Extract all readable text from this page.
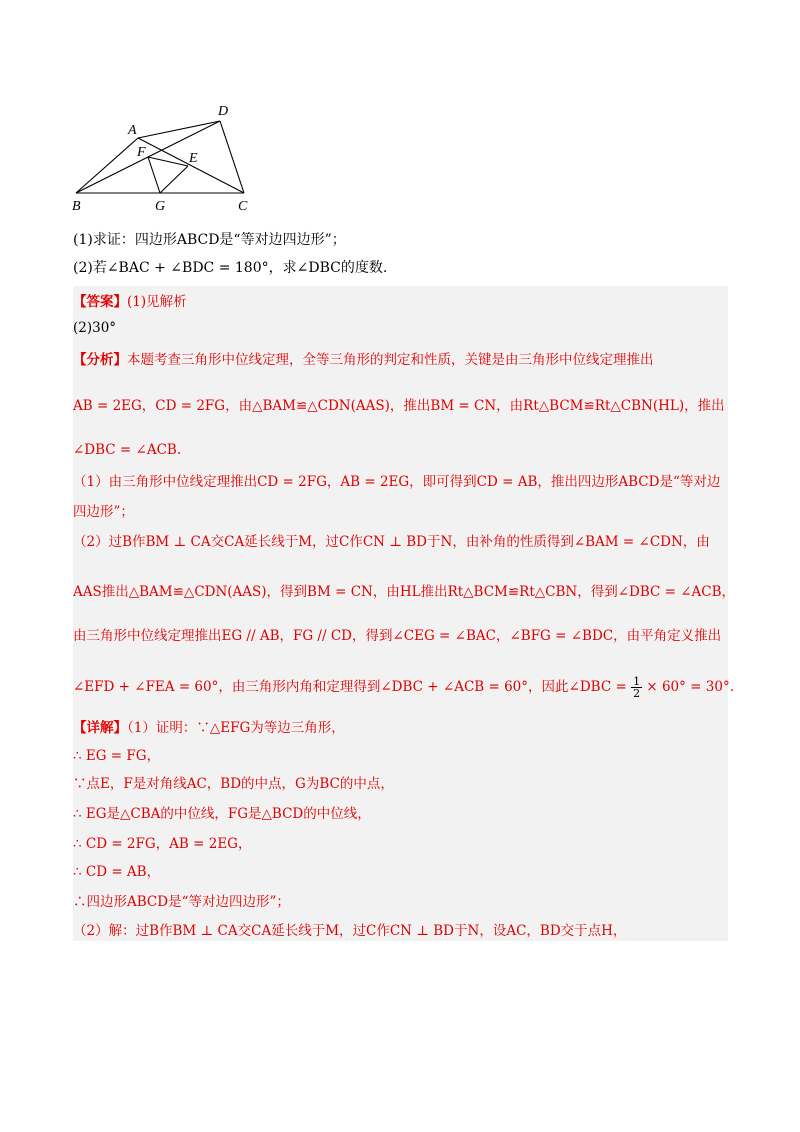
A
D
F	E
B	G	C
(1)求证：四边形ABCD是“等对边四边形”；
(2)若∠BAC + ∠BDC = 180°，求∠DBC的度数.
【答案】(1)见解析
(2)30°
【分析】本题考查三角形中位线定理，全等三角形的判定和性质，关键是由三角形中位线定理推出
AB = 2EG，CD = 2FG，由△BAM≌△CDN(AAS)，推出BM = CN，由Rt△BCM≌Rt△CBN(HL)，推出
∠DBC = ∠ACB.
（1）由三角形中位线定理推出CD = 2FG，AB = 2EG，即可得到CD = AB，推出四边形ABCD是“等对边
四边形”；
（2）过B作BM ⊥ CA交CA延长线于M，过C作CN ⊥ BD于N，由补角的性质得到∠BAM = ∠CDN，由
AAS推出△BAM≌△CDN(AAS)，得到BM = CN，由HL推出Rt△BCM≌Rt△CBN，得到∠DBC = ∠ACB，
由三角形中位线定理推出EG // AB，FG // CD，得到∠CEG = ∠BAC，∠BFG = ∠BDC，由平角定义推出
∠EFD + ∠FEA = 60°，由三角形内角和定理得到∠DBC + ∠ACB = 60°，因此∠DBC = $\frac{1}{2} \times 60^\circ = 30^\circ$.
【详解】（1）证明：∵△EFG为等边三角形，
∴ EG = FG，
∵点E，F是对角线AC，BD的中点，G为BC的中点，
∴ EG是△CBA的中位线，FG是△BCD的中位线，
∴ CD = 2FG，AB = 2EG，
∴ CD = AB，
∴四边形ABCD是“等对边四边形”；
（2）解：过B作BM ⊥ CA交CA延长线于M，过C作CN ⊥ BD于N，设AC，BD交于点H，
